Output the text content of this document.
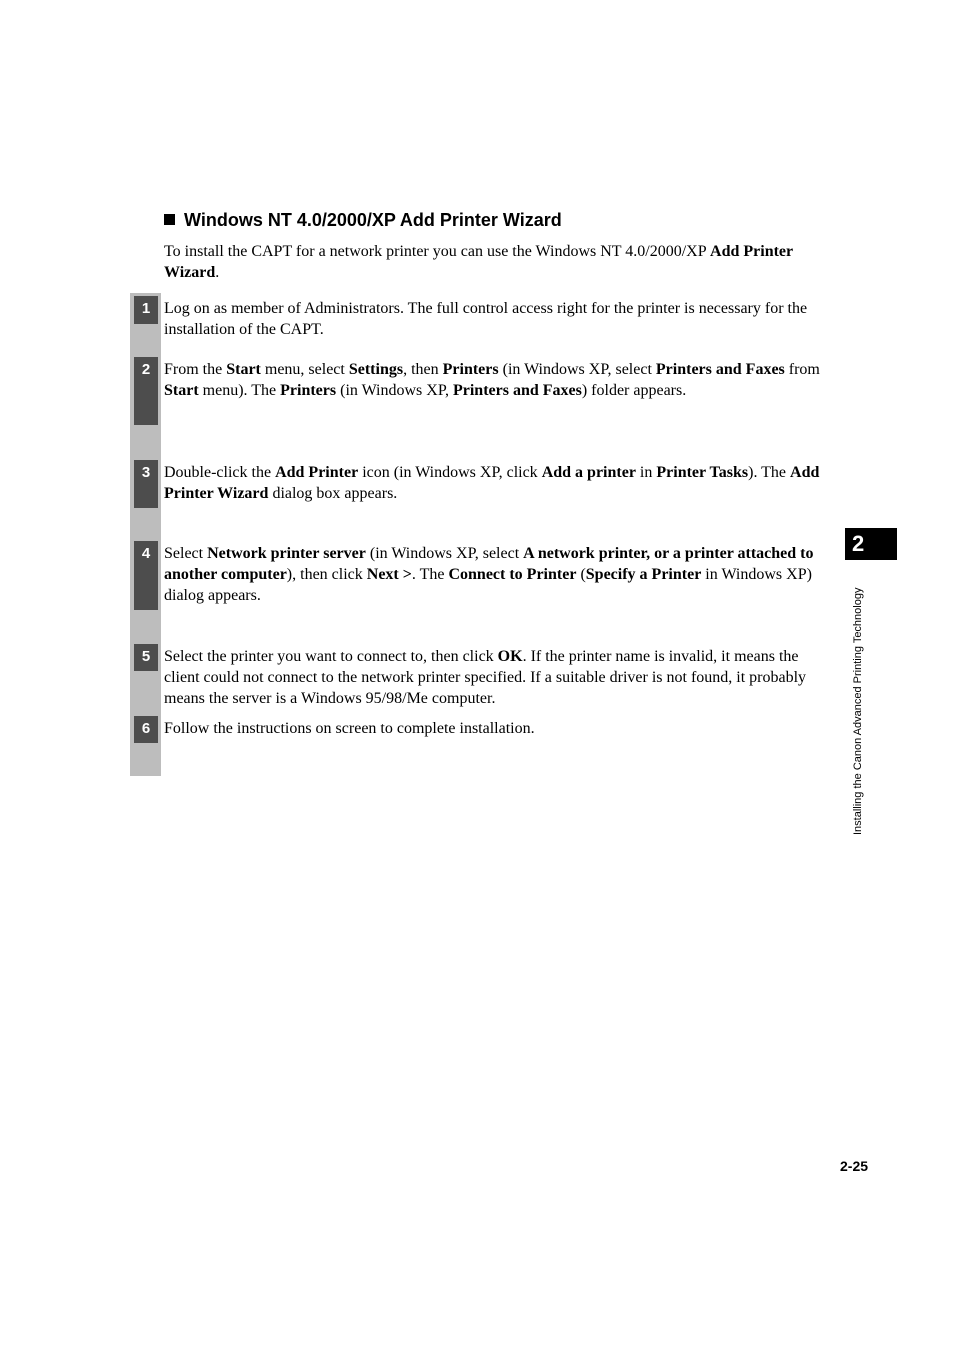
Windows NT 4.0/2000/XP Add Printer Wizard
To install the CAPT for a network printer you can use the Windows NT 4.0/2000/XP Add Printer Wizard.
1 Log on as member of Administrators. The full control access right for the printer is necessary for the installation of the CAPT.
2 From the Start menu, select Settings, then Printers (in Windows XP, select Printers and Faxes from Start menu). The Printers (in Windows XP, Printers and Faxes) folder appears.
3 Double-click the Add Printer icon (in Windows XP, click Add a printer in Printer Tasks). The Add Printer Wizard dialog box appears.
4 Select Network printer server (in Windows XP, select A network printer, or a printer attached to another computer), then click Next >. The Connect to Printer (Specify a Printer in Windows XP) dialog appears.
5 Select the printer you want to connect to, then click OK. If the printer name is invalid, it means the client could not connect to the network printer specified. If a suitable driver is not found, it probably means the server is a Windows 95/98/Me computer.
6 Follow the instructions on screen to complete installation.
2
Installing the Canon Advanced Printing Technology
2-25
